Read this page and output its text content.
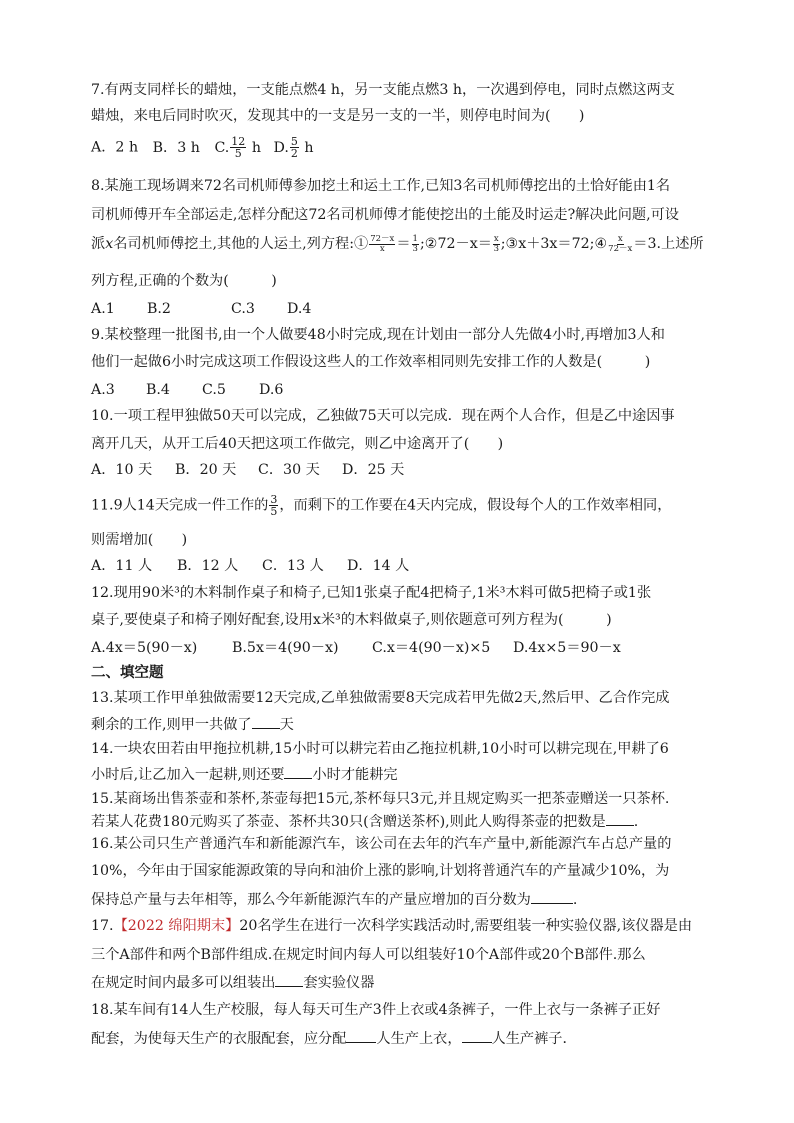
7.有两支同样长的蜡烛，一支能点燃4 h，另一支能点燃3 h，一次遇到停电，同时点燃这两支
蜡烛，来电后同时吹灭，发现其中的一支是另一支的一半，则停电时间为(　　)
A．2 h B．3 h C. $\frac{12}{5}$ h D. $\frac{5}{2}$ h
8.某施工现场调来72名司机师傅参加挖土和运土工作,已知3名司机师傅挖出的土恰好能由1名
司机师傅开车全部运走,怎样分配这72名司机师傅才能使挖出的土能及时运走?解决此问题,可设
派x名司机师傅挖土,其他的人运土,列方程:① $\frac{72-x}{x} = \frac{1}{3}$ ;②72－x＝ $\frac{x}{3}$ ;③x＋3x＝72;④ $\frac{x}{72-x} =3$.上述所
列方程,正确的个数为(　　　)
A.1	B.2	C.3	D.4
9.某校整理一批图书,由一个人做要48小时完成,现在计划由一部分人先做4小时,再增加3人和
他们一起做6小时完成这项工作假设这些人的工作效率相同则先安排工作的人数是(　　　)
A.3	B.4	C.5	D.6
10.一项工程甲独做50天可以完成，乙独做75天可以完成．现在两个人合作，但是乙中途因事
离开几天，从开工后40天把这项工作做完，则乙中途离开了(　　)
A．10 天	B．20 天	C．30 天	D．25 天
11.9人14天完成一件工作的 $\frac{3}{5}$ ，而剩下的工作要在4天内完成，假设每个人的工作效率相同，
则需增加(　　)
A．11 人	B．12 人	C．13 人	D．14 人
12.现用90米³的木料制作桌子和椅子,已知1张桌子配4把椅子,1米³木料可做5把椅子或1张
桌子,要使桌子和椅子刚好配套,设用x米³的木料做桌子,则依题意可列方程为(　　　)
A.4x＝5(90－x)	B.5x＝4(90－x)	C.x＝4(90－x)×5	D.4x×5＝90－x
二、填空题
13.某项工作甲单独做需要12天完成,乙单独做需要8天完成若甲先做2天,然后甲、乙合作完成
剩余的工作,则甲一共做了 天
14.一块农田若由甲拖拉机耕,15小时可以耕完若由乙拖拉机耕,10小时可以耕完现在,甲耕了6
小时后,让乙加入一起耕,则还要 小时才能耕完
15.某商场出售茶壶和茶杯,茶壶每把15元,茶杯每只3元,并且规定购买一把茶壶赠送一只茶杯.
若某人花费180元购买了茶壶、茶杯共30只(含赠送茶杯),则此人购得茶壶的把数是 .
16.某公司只生产普通汽车和新能源汽车，该公司在去年的汽车产量中,新能源汽车占总产量的
10%，今年由于国家能源政策的导向和油价上涨的影响,计划将普通汽车的产量减少10%，为
保持总产量与去年相等，那么今年新能源汽车的产量应增加的百分数为	.
17.【2022 绵阳期末】20名学生在进行一次科学实践活动时,需要组装一种实验仪器,该仪器是由
三个A部件和两个B部件组成.在规定时间内每人可以组装好10个A部件或20个B部件.那么
在规定时间内最多可以组装出 套实验仪器
18.某车间有14人生产校服，每人每天可生产3件上衣或4条裤子，一件上衣与一条裤子正好
配套，为使每天生产的衣服配套，应分配 人生产上衣， 人生产裤子．
